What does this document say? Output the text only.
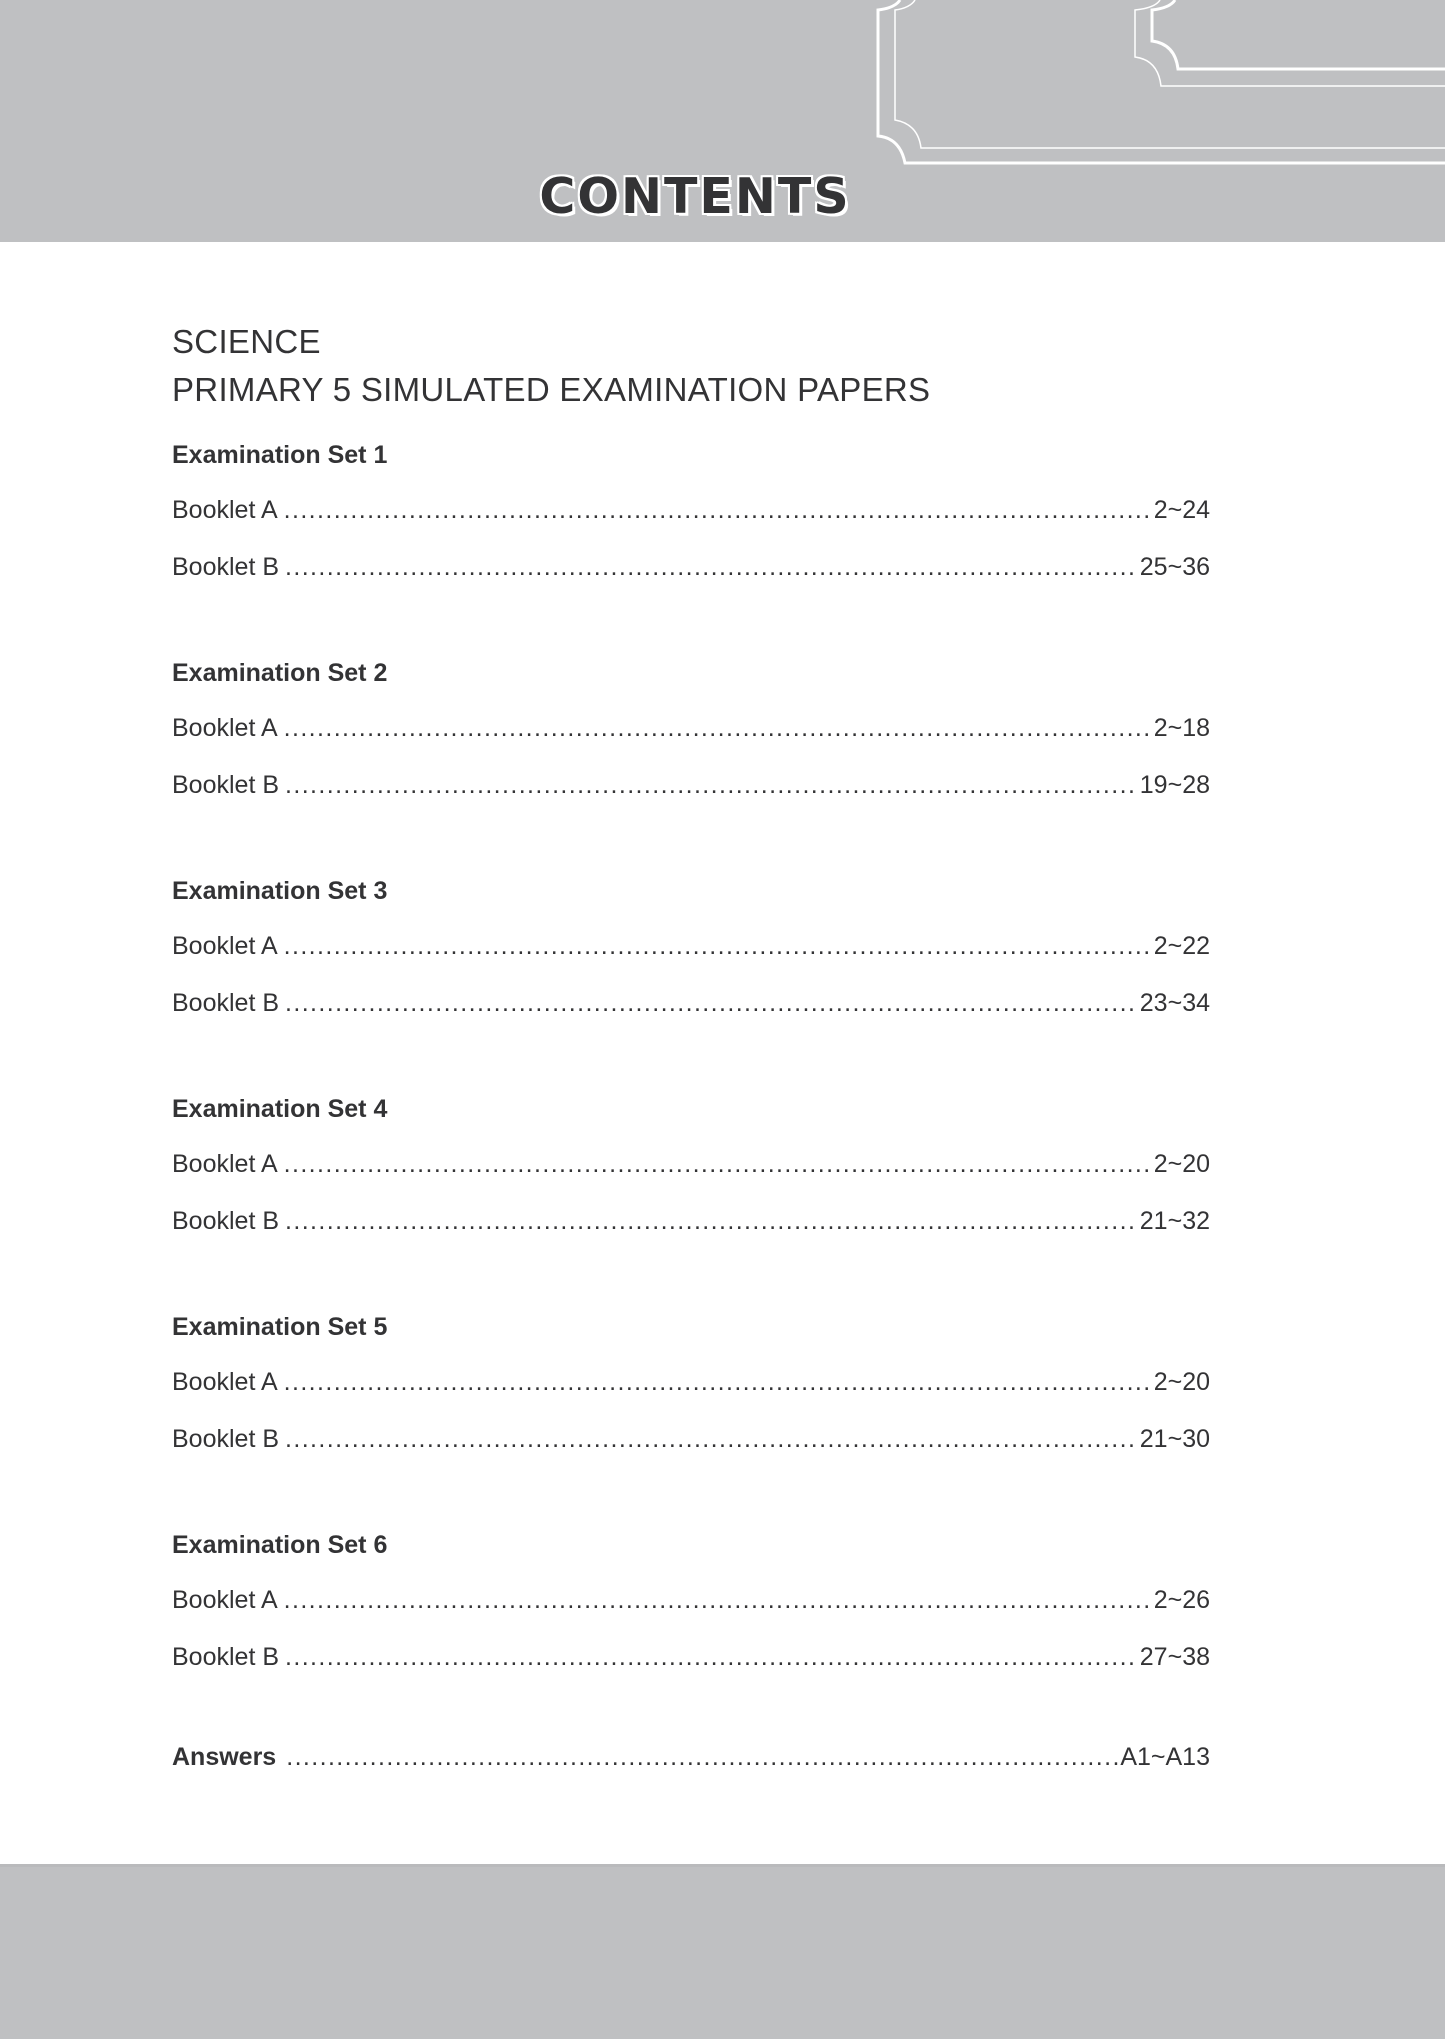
CONTENTS
SCIENCE
PRIMARY 5 SIMULATED EXAMINATION PAPERS
Examination Set 1
Booklet A .....	2~24
Booklet B .....	25~36
Examination Set 2
Booklet A .....	2~18
Booklet B .....	19~28
Examination Set 3
Booklet A .....	2~22
Booklet B .....	23~34
Examination Set 4
Booklet A .....	2~20
Booklet B .....	21~32
Examination Set 5
Booklet A .....	2~20
Booklet B .....	21~30
Examination Set 6
Booklet A .....	2~26
Booklet B .....	27~38
Answers .....	A1~A13
